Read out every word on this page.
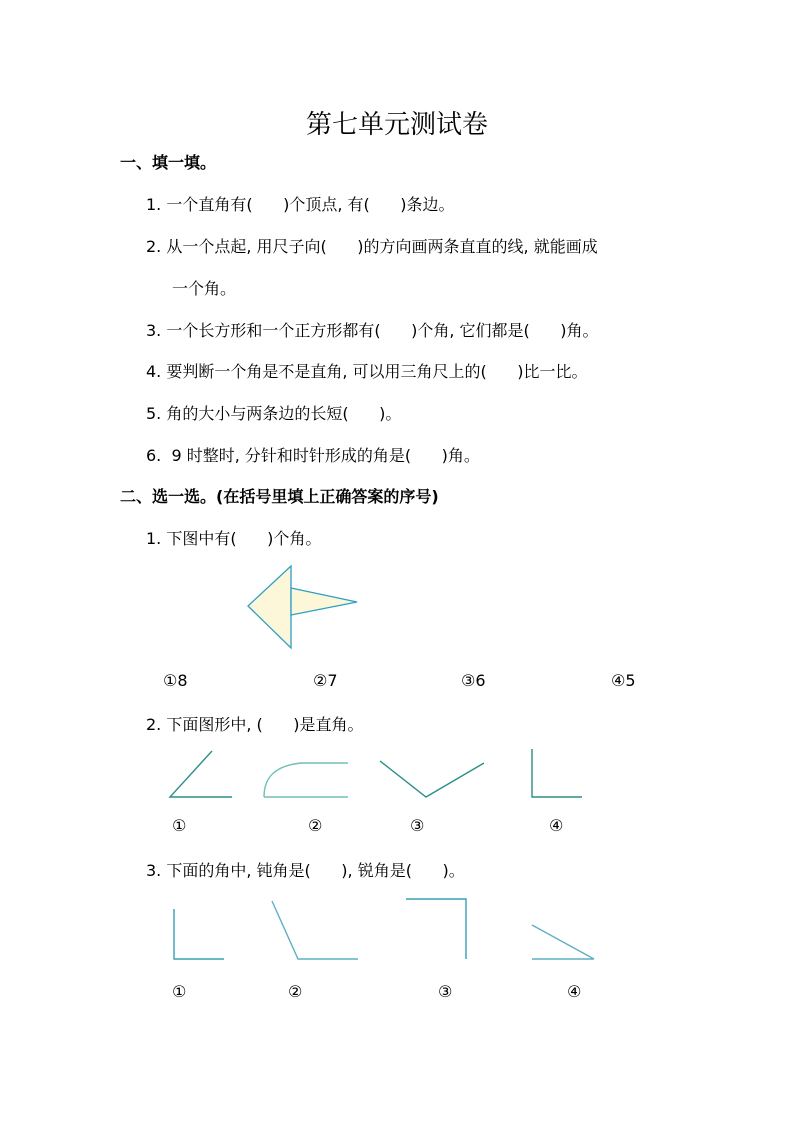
第七单元测试卷
一、填一填。
1. 一个直角有(      )个顶点, 有(      )条边。
2. 从一个点起, 用尺子向(      )的方向画两条直直的线, 就能画成
一个角。
3. 一个长方形和一个正方形都有(      )个角, 它们都是(      )角。
4. 要判断一个角是不是直角, 可以用三角尺上的(      )比一比。
5. 角的大小与两条边的长短(      )。
6.  9 时整时, 分针和时针形成的角是(      )角。
二、选一选。(在括号里填上正确答案的序号)
1. 下图中有(      )个角。
①8	②7	③6	④5
2. 下面图形中, (      )是直角。
①	②	③	④
3. 下面的角中, 钝角是(      ), 锐角是(      )。
①	②	③	④
